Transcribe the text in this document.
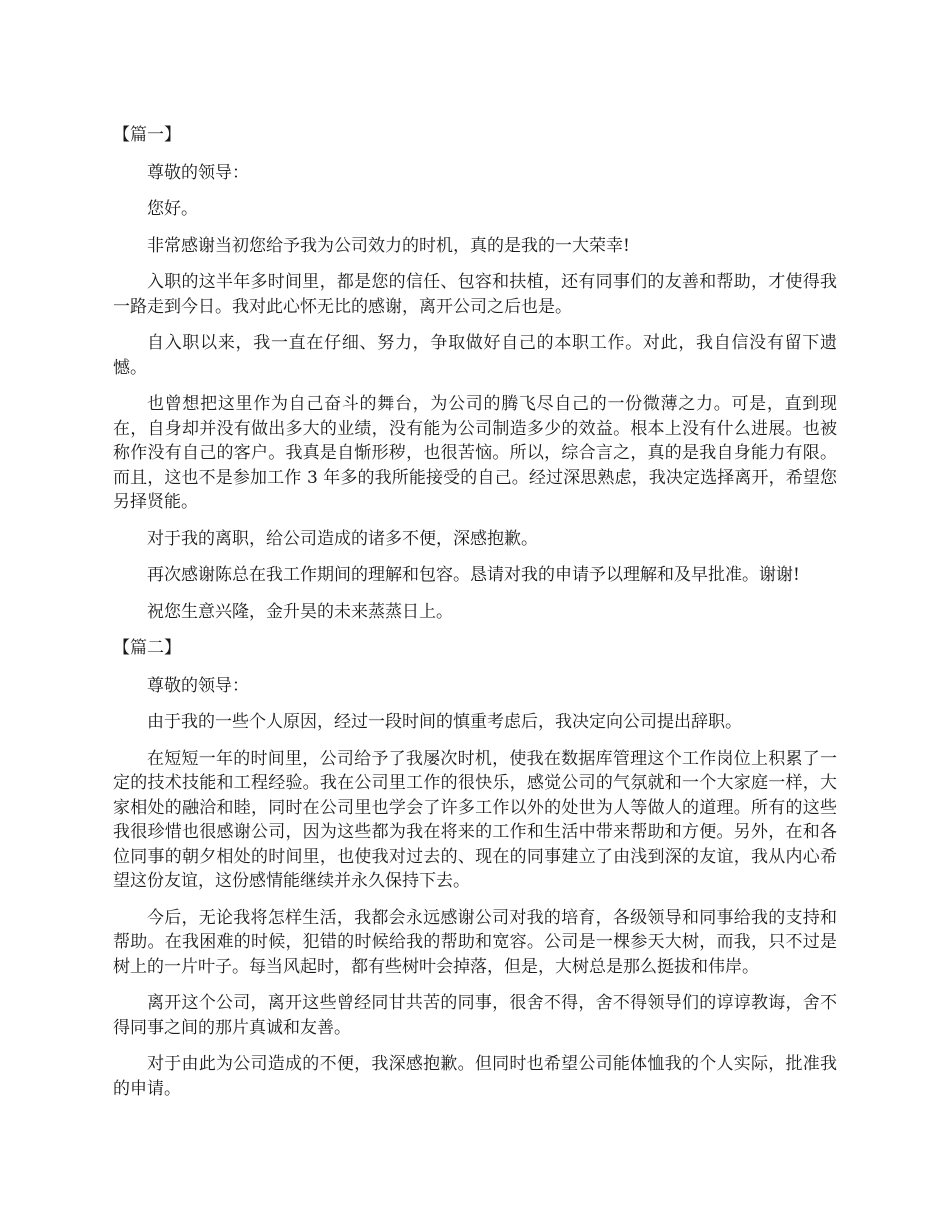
【篇一】

尊敬的领导：

您好。

非常感谢当初您给予我为公司效力的时机，真的是我的一大荣幸!

入职的这半年多时间里，都是您的信任、包容和扶植，还有同事们的友善和帮助，才使得我一路走到今日。我对此心怀无比的感谢，离开公司之后也是。

自入职以来，我一直在仔细、努力，争取做好自己的本职工作。对此，我自信没有留下遗憾。

也曾想把这里作为自己奋斗的舞台，为公司的腾飞尽自己的一份微薄之力。可是，直到现在，自身却并没有做出多大的业绩，没有能为公司制造多少的效益。根本上没有什么进展。也被称作没有自己的客户。我真是自惭形秽，也很苦恼。所以，综合言之，真的是我自身能力有限。而且，这也不是参加工作 3 年多的我所能接受的自己。经过深思熟虑，我决定选择离开，希望您另择贤能。

对于我的离职，给公司造成的诸多不便，深感抱歉。

再次感谢陈总在我工作期间的理解和包容。恳请对我的申请予以理解和及早批准。谢谢!

祝您生意兴隆，金升昊的未来蒸蒸日上。

【篇二】

尊敬的领导：

由于我的一些个人原因，经过一段时间的慎重考虑后，我决定向公司提出辞职。

在短短一年的时间里，公司给予了我屡次时机，使我在数据库管理这个工作岗位上积累了一定的技术技能和工程经验。我在公司里工作的很快乐，感觉公司的气氛就和一个大家庭一样，大家相处的融洽和睦，同时在公司里也学会了许多工作以外的处世为人等做人的道理。所有的这些我很珍惜也很感谢公司，因为这些都为我在将来的工作和生活中带来帮助和方便。另外，在和各位同事的朝夕相处的时间里，也使我对过去的、现在的同事建立了由浅到深的友谊，我从内心希望这份友谊，这份感情能继续并永久保持下去。

今后，无论我将怎样生活，我都会永远感谢公司对我的培育，各级领导和同事给我的支持和帮助。在我困难的时候，犯错的时候给我的帮助和宽容。公司是一棵参天大树，而我，只不过是树上的一片叶子。每当风起时，都有些树叶会掉落，但是，大树总是那么挺拔和伟岸。

离开这个公司，离开这些曾经同甘共苦的同事，很舍不得，舍不得领导们的谆谆教诲，舍不得同事之间的那片真诚和友善。

对于由此为公司造成的不便，我深感抱歉。但同时也希望公司能体恤我的个人实际，批准我的申请。
